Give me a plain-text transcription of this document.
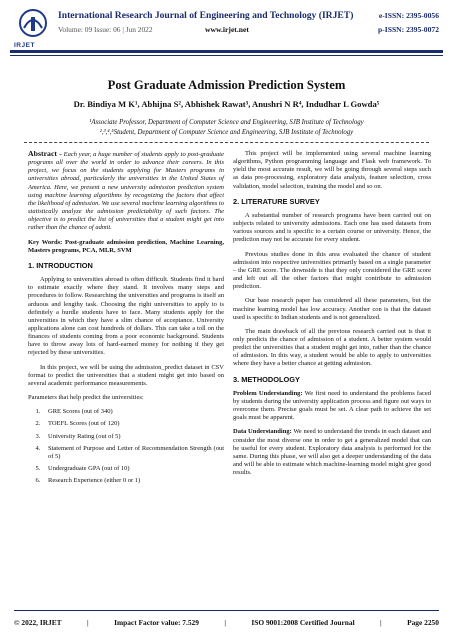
IRJET
International Research Journal of Engineering and Technology (IRJET)
Volume: 09 Issue: 06 | Jun 2022	www.irjet.net
e-ISSN: 2395-0056
p-ISSN: 2395-0072
Post Graduate Admission Prediction System
Dr. Bindiya M K¹, Abhijna S², Abhishek Rawat³, Anushri N R⁴, Indudhar L Gowda⁵
¹Associate Professor, Department of Computer Science and Engineering, SJB Institute of Technology
²,³,⁴,⁵Student, Department of Computer Science and Engineering, SJB Institute of Technology

Abstract - Each year, a huge number of students apply to post-graduate programs all over the world in order to advance their careers. In this project, we focus on the students applying for Masters programs in universities abroad, particularly the universities in the United States of America. Here, we present a new university admission prediction system using machine learning algorithms by recognizing the factors that affect the likelihood of admission. We use several machine learning algorithms to statistically analyze the admission predictability of such factors. The objective is to predict the list of universities that a student might get into rather than the chance of admit.

Key Words: Post-graduate admission prediction, Machine Learning, Masters programs, PCA, MLR, SVM

1. INTRODUCTION

Applying to universities abroad is often difficult. Students find it hard to estimate exactly where they stand. It involves many steps and procedures to follow. Researching the universities and programs is itself an arduous and lengthy task. Choosing the right universities to apply to is definitely a hurdle students have to face. Many students apply for the universities in which they have a slim chance of acceptance. University applications alone can cost hundreds of dollars. This can take a toll on the finances of students coming from a poor economic background. Students have to throw away lots of hard-earned money for nothing if they get rejected by these universities.

In this project, we will be using the admission_predict dataset in CSV format to predict the universities that a student might get into based on several academic performance measurements.

Parameters that help predict the universities:

1. GRE Scores (out of 340)
2. TOEFL Scores (out of 120)
3. University Rating (out of 5)
4. Statement of Purpose and Letter of Recommendation Strength (out of 5)
5. Undergraduate GPA (out of 10)
6. Research Experience (either 0 or 1)

This project will be implemented using several machine learning algorithms, Python programming language and Flask web framework. To yield the most accurate result, we will be going through several steps such as data pre-processing, exploratory data analysis, feature selection, cross validation, model selection, training the model and so on.

2. LITERATURE SURVEY

A substantial number of research programs have been carried out on subjects related to university admissions. Each one has used datasets from various sources and is specific to a certain course or university. Hence, the prediction may not be accurate for every student.

Previous studies done in this area evaluated the chance of student admission into respective universities primarily based on a single parameter – the GRE score. The downside is that they only considered the GRE score and left out all the other factors that might contribute to admission prediction.

Our base research paper has considered all these parameters, but the machine learning model has low accuracy. Another con is that the dataset used is specific to Indian students and is not generalized.

The main drawback of all the previous research carried out is that it only predicts the chance of admission of a student. A better system would predict the universities that a student might get into, rather than the chance of admission. In this way, a student would be able to apply to universities where they have a better chance at getting admission.

3. METHODOLOGY

Problem Understanding: We first need to understand the problems faced by students during the university application process and figure out ways to overcome them. Precise goals must be set. A clear path to achieve the set goals must be apparent.

Data Understanding: We need to understand the trends in each dataset and consider the most diverse one in order to get a generalized model that can be useful for every student. Exploratory data analysis is performed for the same. During this phase, we will also get a deeper understanding of the data and will be able to estimate which machine-learning model might give good results.

© 2022, IRJET	|	Impact Factor value: 7.529	|	ISO 9001:2008 Certified Journal	|	Page 2250
